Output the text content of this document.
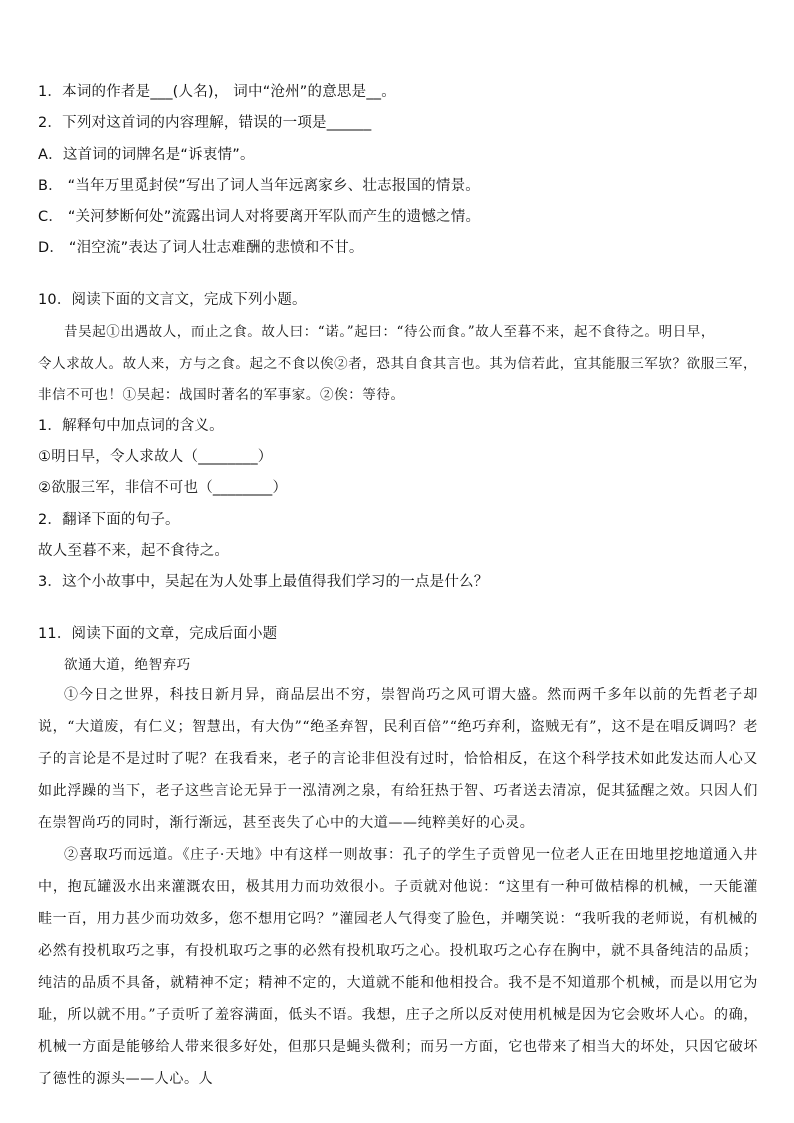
1．本词的作者是___(人名)， 词中“沧州”的意思是__。
2．下列对这首词的内容理解，错误的一项是______
A．这首词的词牌名是“诉衷情”。
B． “当年万里觅封侯”写出了词人当年远离家乡、壮志报国的情景。
C． “关河梦断何处”流露出词人对将要离开军队而产生的遗憾之情。
D． “泪空流”表达了词人壮志难酬的悲愤和不甘。
10．阅读下面的文言文，完成下列小题。
昔吴起①出遇故人，而止之食。故人曰：“诺。”起曰：“待公而食。”故人至暮不来，起不食待之。明日早，
令人求故人。故人来，方与之食。起之不食以俟②者，恐其自食其言也。其为信若此，宜其能服三军欤？欲服三军，
非信不可也！①吴起：战国时著名的军事家。②俟：等待。
1．解释句中加点词的含义。
①明日早，令人求故人（________）
②欲服三军，非信不可也（________）
2．翻译下面的句子。
故人至暮不来，起不食待之。
3．这个小故事中，吴起在为人处事上最值得我们学习的一点是什么？
11．阅读下面的文章，完成后面小题
欲通大道，绝智弃巧
①今日之世界，科技日新月异，商品层出不穷，崇智尚巧之风可谓大盛。然而两千多年以前的先哲老子却说，“大道废，有仁义；智慧出，有大伪”“绝圣弃智，民利百倍”“绝巧弃利，盗贼无有”，这不是在唱反调吗？老子的言论是不是过时了呢？在我看来，老子的言论非但没有过时，恰恰相反，在这个科学技术如此发达而人心又如此浮躁的当下，老子这些言论无异于一泓清冽之泉，有给狂热于智、巧者送去清凉，促其猛醒之效。只因人们在崇智尚巧的同时，渐行渐远，甚至丧失了心中的大道——纯粹美好的心灵。
②喜取巧而远道。《庄子·天地》中有这样一则故事：孔子的学生子贡曾见一位老人正在田地里挖地道通入井中，抱瓦罐汲水出来灌溉农田，极其用力而功效很小。子贡就对他说：“这里有一种可做桔槔的机械，一天能灌畦一百，用力甚少而功效多，您不想用它吗？”灌园老人气得变了脸色，并嘲笑说：“我听我的老师说，有机械的必然有投机取巧之事，有投机取巧之事的必然有投机取巧之心。投机取巧之心存在胸中，就不具备纯洁的品质；纯洁的品质不具备，就精神不定；精神不定的，大道就不能和他相投合。我不是不知道那个机械，而是以用它为耻，所以就不用。”子贡听了羞容满面，低头不语。我想，庄子之所以反对使用机械是因为它会败坏人心。的确，机械一方面是能够给人带来很多好处，但那只是蝇头微利；而另一方面，它也带来了相当大的坏处，只因它破坏了德性的源头——人心。人
